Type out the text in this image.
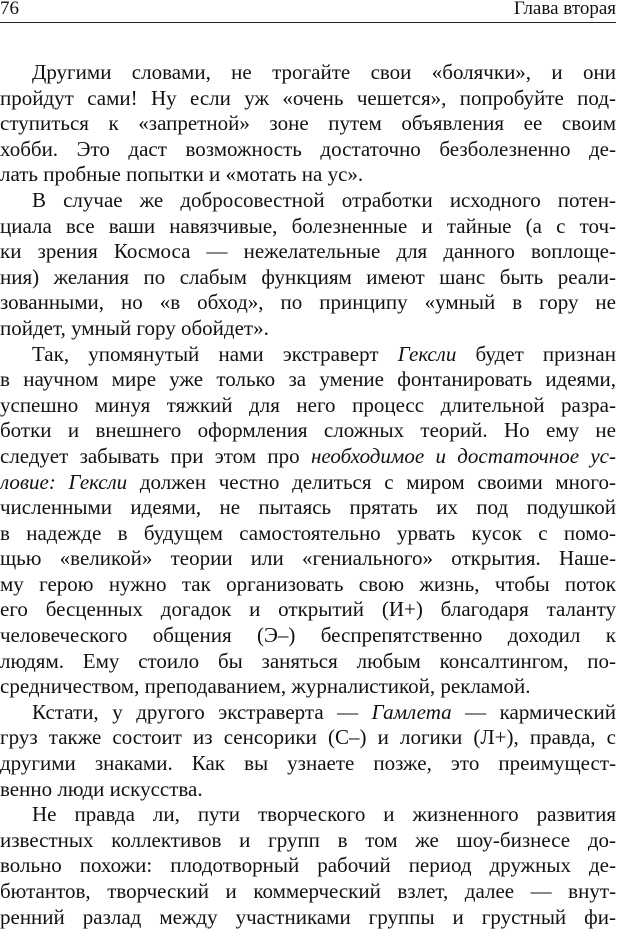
76	Глава вторая
Другими словами, не трогайте свои «болячки», и они
пройдут сами! Ну если уж «очень чешется», попробуйте под-
ступиться к «запретной» зоне путем объявления ее своим
хобби. Это даст возможность достаточно безболезненно де-
лать пробные попытки и «мотать на ус».
В случае же добросовестной отработки исходного потен-
циала все ваши навязчивые, болезненные и тайные (а с точ-
ки зрения Космоса — нежелательные для данного воплоще-
ния) желания по слабым функциям имеют шанс быть реали-
зованными, но «в обход», по принципу «умный в гору не
пойдет, умный гору обойдет».
Так, упомянутый нами экстраверт Гексли будет признан
в научном мире уже только за умение фонтанировать идеями,
успешно минуя тяжкий для него процесс длительной разра-
ботки и внешнего оформления сложных теорий. Но ему не
следует забывать при этом про необходимое и достаточное ус-
ловие: Гексли должен честно делиться с миром своими много-
численными идеями, не пытаясь прятать их под подушкой
в надежде в будущем самостоятельно урвать кусок с помо-
щью «великой» теории или «гениального» открытия. Нашe-
му герою нужно так организовать свою жизнь, чтобы поток
его бесценных догадок и открытий (И+) благодаря таланту
человеческого общения (Э–) беспрепятственно доходил к
людям. Ему стоило бы заняться любым консалтингом, по-
средничеством, преподаванием, журналистикой, рекламой.
Кстати, у другого экстраверта — Гамлета — кармический
груз также состоит из сенсорики (С–) и логики (Л+), правда, с
другими знаками. Как вы узнаете позже, это преимущест-
венно люди искусства.
Не правда ли, пути творческого и жизненного развития
известных коллективов и групп в том же шоу-бизнесе до-
вольно похожи: плодотворный рабочий период дружных де-
бютантов, творческий и коммерческий взлет, далее — внут-
ренний разлад между участниками группы и грустный фи-
